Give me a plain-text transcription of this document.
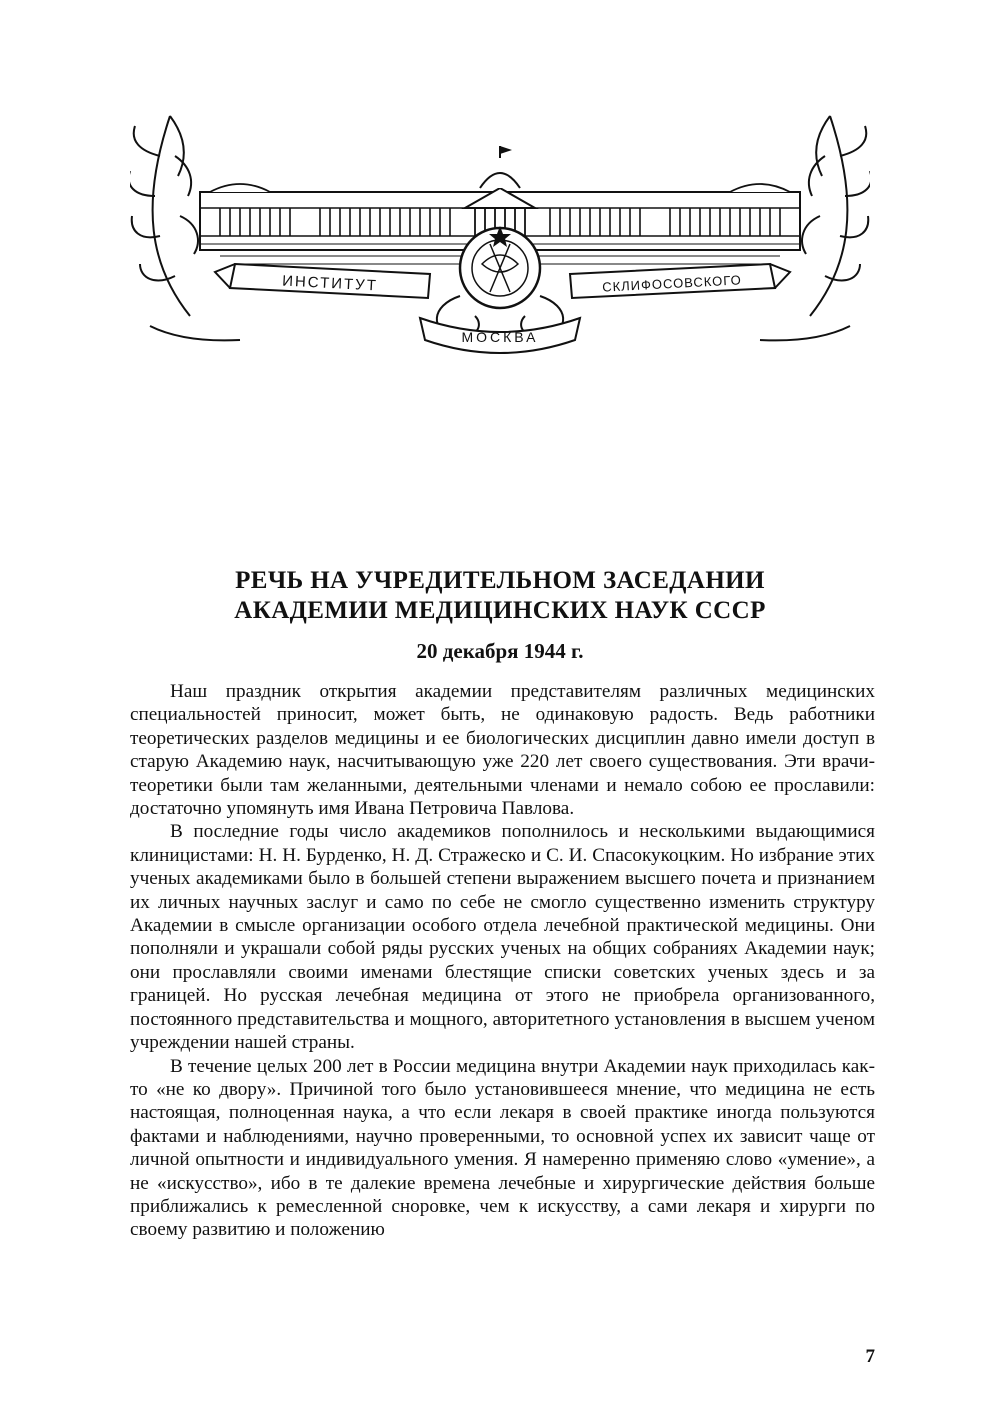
ИНСТИТУТ	СКЛИФОСОВСКОГО
МОСКВА

РЕЧЬ НА УЧРЕДИТЕЛЬНОМ ЗАСЕДАНИИ

АКАДЕМИИ МЕДИЦИНСКИХ НАУК СССР

20 декабря 1944 г.

Наш праздник открытия академии представителям различных медицинских специальностей приносит, может быть, не одинаковую радость. Ведь работники теоретических разделов медицины и ее биологических дисциплин давно имели доступ в старую Академию наук, насчитывающую уже 220 лет своего существования. Эти врачи-теоретики были там желанными, деятельными членами и немало собою ее прославили: достаточно упомянуть имя Ивана Петровича Павлова.

В последние годы число академиков пополнилось и несколькими выдающимися клиницистами: Н. Н. Бурденко, Н. Д. Стражеско и С. И. Спасокукоцким. Но избрание этих ученых академиками было в большей степени выражением высшего почета и признанием их личных научных заслуг и само по себе не смогло существенно изменить структуру Академии в смысле организации особого отдела лечебной практической медицины. Они пополняли и украшали собой ряды русских ученых на общих собраниях Академии наук; они прославляли своими именами блестящие списки советских ученых здесь и за границей. Но русская лечебная медицина от этого не приобрела организованного, постоянного представительства и мощного, авторитетного установления в высшем ученом учреждении нашей страны.

В течение целых 200 лет в России медицина внутри Академии наук приходилась как-то «не ко двору». Причиной того было установившееся мнение, что медицина не есть настоящая, полноценная наука, а что если лекаря в своей практике иногда пользуются фактами и наблюдениями, научно проверенными, то основной успех их зависит чаще от личной опытности и индивидуального умения. Я намеренно применяю слово «умение», а не «искусство», ибо в те далекие времена лечебные и хирургические действия больше приближались к ремесленной сноровке, чем к искусству, а сами лекаря и хирурги по своему развитию и положению

7
